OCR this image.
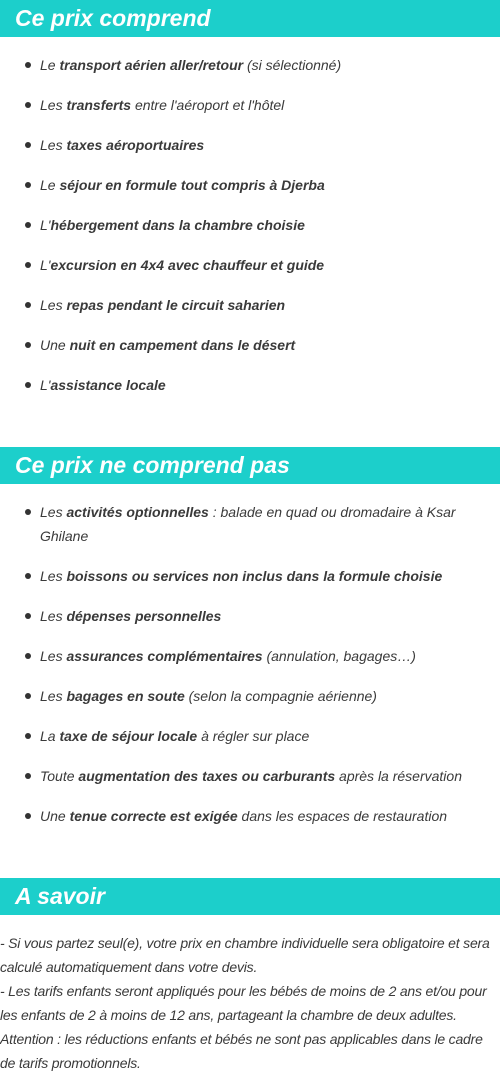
Ce prix comprend
Le transport aérien aller/retour (si sélectionné)
Les transferts entre l'aéroport et l'hôtel
Les taxes aéroportuaires
Le séjour en formule tout compris à Djerba
L'hébergement dans la chambre choisie
L'excursion en 4x4 avec chauffeur et guide
Les repas pendant le circuit saharien
Une nuit en campement dans le désert
L'assistance locale
Ce prix ne comprend pas
Les activités optionnelles : balade en quad ou dromadaire à Ksar Ghilane
Les boissons ou services non inclus dans la formule choisie
Les dépenses personnelles
Les assurances complémentaires (annulation, bagages…)
Les bagages en soute (selon la compagnie aérienne)
La taxe de séjour locale à régler sur place
Toute augmentation des taxes ou carburants après la réservation
Une tenue correcte est exigée dans les espaces de restauration
A savoir

- Si vous partez seul(e), votre prix en chambre individuelle sera obligatoire et sera calculé automatiquement dans votre devis.

- Les tarifs enfants seront appliqués pour les bébés de moins de 2 ans et/ou pour les enfants de 2 à moins de 12 ans, partageant la chambre de deux adultes.

Attention : les réductions enfants et bébés ne sont pas applicables dans le cadre de tarifs promotionnels.
